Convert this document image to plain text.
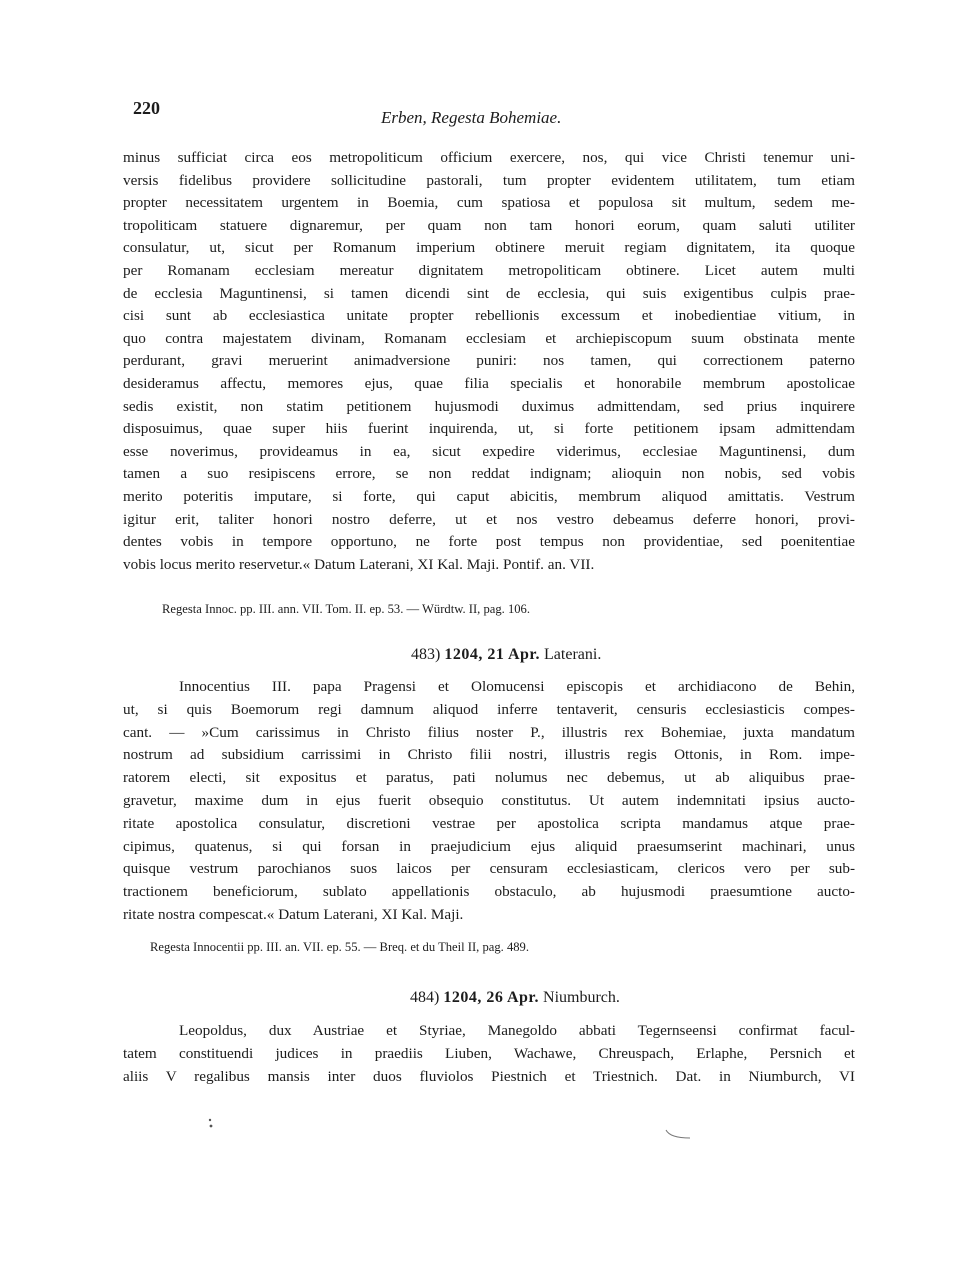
220	Erben, Regesta Bohemiae.
minus sufficiat circa eos metropoliticum officium exercere, nos, qui vice Christi tenemur uni-
versis fidelibus providere sollicitudine pastorali, tum propter evidentem utilitatem, tum etiam
propter necessitatem urgentem in Boemia, cum spatiosa et populosa sit multum, sedem me-
tropoliticam statuere dignaremur, per quam non tam honori eorum, quam saluti utiliter
consulatur, ut, sicut per Romanum imperium obtinere meruit regiam dignitatem, ita quoque
per Romanam ecclesiam mereatur dignitatem metropoliticam obtinere. Licet autem multi
de ecclesia Maguntinensi, si tamen dicendi sint de ecclesia, qui suis exigentibus culpis prae-
cisi sunt ab ecclesiastica unitate propter rebellionis excessum et inobedientiae vitium, in
quo contra majestatem divinam, Romanam ecclesiam et archiepiscopum suum obstinata mente
perdurant, gravi meruerint animadversione puniri: nos tamen, qui correctionem paterno
desideramus affectu, memores ejus, quae filia specialis et honorabile membrum apostolicae
sedis existit, non statim petitionem hujusmodi duximus admittendam, sed prius inquirere
disposuimus, quae super hiis fuerint inquirenda, ut, si forte petitionem ipsam admittendam
esse noverimus, provideamus in ea, sicut expedire viderimus, ecclesiae Maguntinensi, dum
tamen a suo resipiscens errore, se non reddat indignam; alioquin non nobis, sed vobis
merito poteritis imputare, si forte, qui caput abicitis, membrum aliquod amittatis. Vestrum
igitur erit, taliter honori nostro deferre, ut et nos vestro debeamus deferre honori, provi-
dentes vobis in tempore opportuno, ne forte post tempus non providentiae, sed poenitentiae
vobis locus merito reservetur.« Datum Laterani, XI Kal. Maji. Pontif. an. VII.
Regesta Innoc. pp. III. ann. VII. Tom. II. ep. 53. — Würdtw. II, pag. 106.
483) 1204, 21 Apr. Laterani.
Innocentius III. papa Pragensi et Olomucensi episcopis et archidiacono de Behin,
ut, si quis Boemorum regi damnum aliquod inferre tentaverit, censuris ecclesiasticis compes-
cant. — »Cum carissimus in Christo filius noster P., illustris rex Bohemiae, juxta mandatum
nostrum ad subsidium carrissimi in Christo filii nostri, illustris regis Ottonis, in Rom. impe-
ratorem electi, sit expositus et paratus, pati nolumus nec debemus, ut ab aliquibus prae-
gravetur, maxime dum in ejus fuerit obsequio constitutus. Ut autem indemnitati ipsius aucto-
ritate apostolica consulatur, discretioni vestrae per apostolica scripta mandamus atque prae-
cipimus, quatenus, si qui forsan in praejudicium ejus aliquid praesumserint machinari, unus
quisque vestrum parochianos suos laicos per censuram ecclesiasticam, clericos vero per sub-
tractionem beneficiorum, sublato appellationis obstaculo, ab hujusmodi praesumtione aucto-
ritate nostra compescat.« Datum Laterani, XI Kal. Maji.
Regesta Innocentii pp. III. an. VII. ep. 55. — Breq. et du Theil II, pag. 489.
484) 1204, 26 Apr. Niumburch.
Leopoldus, dux Austriae et Styriae, Manegoldo abbati Tegernseensi confirmat facul-
tatem constituendi judices in praediis Liuben, Wachawe, Chreuspach, Erlaphe, Persnich et
aliis V regalibus mansis inter duos fluviolos Piestnich et Triestnich. Dat. in Niumburch, VI
